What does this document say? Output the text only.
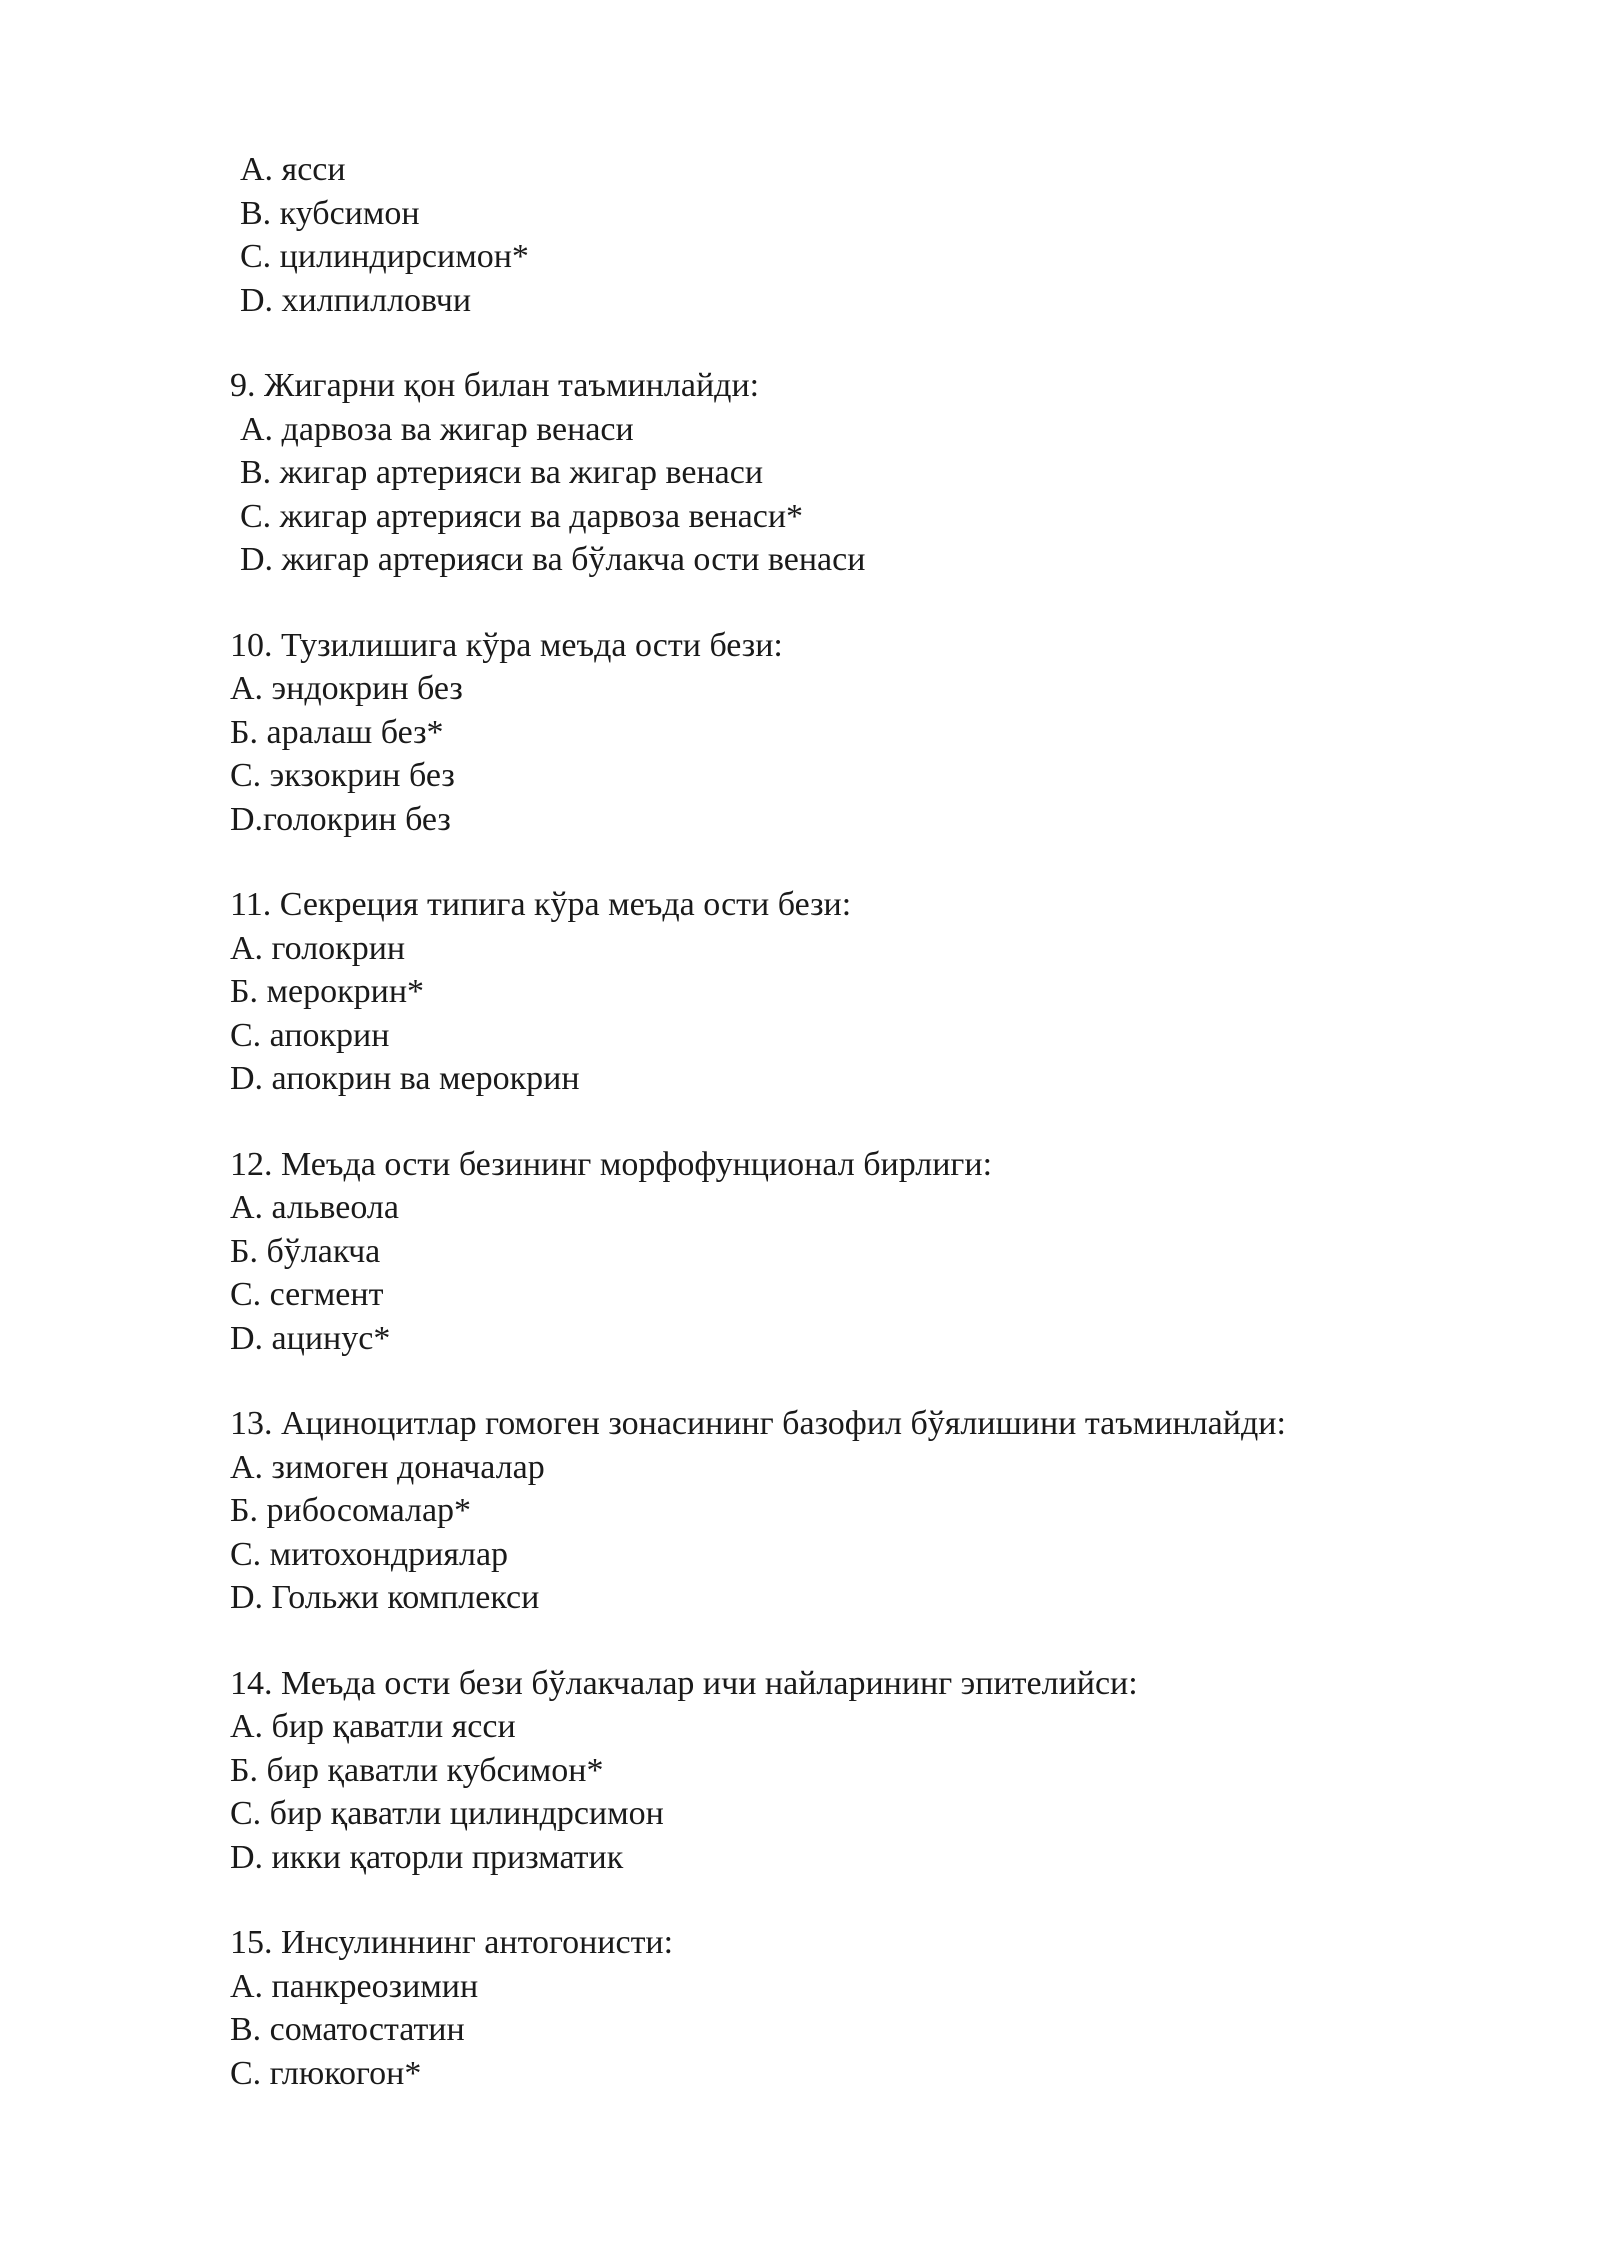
A. ясси
B. кубсимон
C. цилиндирсимон*
D. хилпилловчи
9. Жигарни қон билан таъминлайди:
A. дарвоза ва жигар венаси
B. жигар артерияси ва жигар венаси
C. жигар артерияси ва дарвоза венаси*
D. жигар артерияси ва бўлакча ости венаси
10. Тузилишига кўра меъда ости бези:
A. эндокрин без
Б. аралаш без*
C. экзокрин без
D.голокрин без
11. Секреция типига кўра меъда ости бези:
A. голокрин
Б. мерокрин*
C. апокрин
D. апокрин ва мерокрин
12. Меъда ости безининг морфофунционал бирлиги:
A. альвеола
Б. бўлакча
C. сегмент
D. ацинус*
13. Ациноцитлар гомоген зонасининг базофил бўялишини таъминлайди:
A. зимоген доначалар
Б. рибосомалар*
C. митохондриялар
D. Гольжи комплекси
14. Меъда ости бези бўлакчалар ичи найларининг эпителийси:
A. бир қаватли ясси
Б. бир қаватли кубсимон*
C. бир қаватли цилиндрсимон
D. икки қаторли призматик
15. Инсулиннинг антогонисти:
A. панкреозимин
B. соматостатин
C. глюкогон*
